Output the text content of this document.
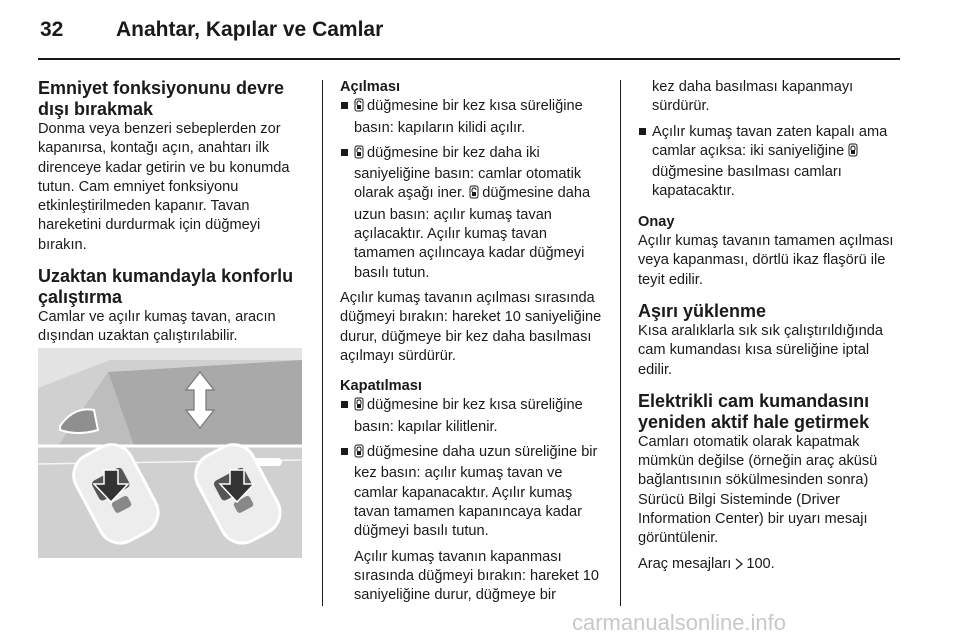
32	Anahtar, Kapılar ve Camlar
Emniyet fonksiyonunu devre dışı bırakmak

Donma veya benzeri sebeplerden zor kapanırsa, kontağı açın, anahtarı ilk direnceye kadar getirin ve bu konumda tutun. Cam emniyet fonksiyonu etkinleştirilmeden kapanır. Tavan hareketini durdurmak için düğmeyi bırakın.

Uzaktan kumandayla konforlu çalıştırma

Camlar ve açılır kumaş tavan, aracın dışından uzaktan çalıştırılabilir.

Açılması
düğmesine bir kez kısa süreliğine basın: kapıların kilidi açılır.
düğmesine bir kez daha iki saniyeliğine basın: camlar otomatik olarak aşağı iner. düğmesine daha uzun basın: açılır kumaş tavan açılacaktır. Açılır kumaş tavan tamamen açılıncaya kadar düğmeyi basılı tutun.

Açılır kumaş tavanın açılması sırasında düğmeyi bırakın: hareket 10 saniyeliğine durur, düğmeye bir kez daha basılması açılmayı sürdürür.

Kapatılması
düğmesine bir kez kısa süreliğine basın: kapılar kilitlenir.
düğmesine daha uzun süreliğine bir kez basın: açılır kumaş tavan ve camlar kapanacaktır. Açılır kumaş tavan tamamen kapanıncaya kadar düğmeyi basılı tutun.

Açılır kumaş tavanın kapanması sırasında düğmeyi bırakın: hareket 10 saniyeliğine durur, düğmeye bir

kez daha basılması kapanmayı sürdürür.

Açılır kumaş tavan zaten kapalı ama camlar açıksa: iki saniyeliğine düğmesine basılması camları kapatacaktır.
Onay

Açılır kumaş tavanın tamamen açılması veya kapanması, dörtlü ikaz flaşörü ile teyit edilir.

Aşırı yüklenme

Kısa aralıklarla sık sık çalıştırıldığında cam kumandası kısa süreliğine iptal edilir.

Elektrikli cam kumandasını yeniden aktif hale getirmek

Camları otomatik olarak kapatmak mümkün değilse (örneğin araç aküsü bağlantısının sökülmesinden sonra) Sürücü Bilgi Sisteminde (Driver Information Center) bir uyarı mesajı görüntülenir.

Araç mesajları 100.

carmanualsonline.info
